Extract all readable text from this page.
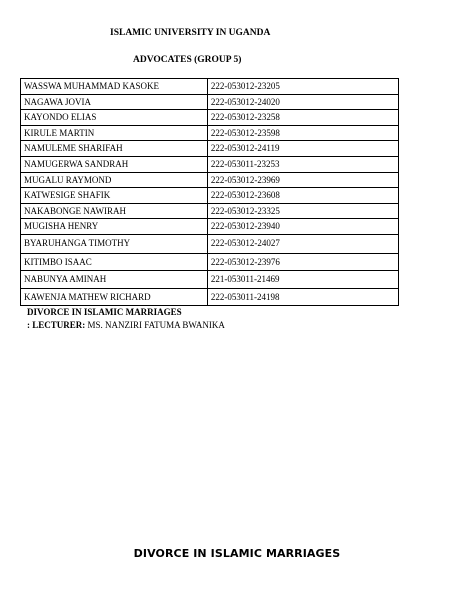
ISLAMIC UNIVERSITY IN UGANDA
ADVOCATES (GROUP 5)
WASSWA MUHAMMAD KASOKE	222-053012-23205
NAGAWA JOVIA	222-053012-24020
KAYONDO ELIAS	222-053012-23258
KIRULE MARTIN	222-053012-23598
NAMULEME SHARIFAH	222-053012-24119
NAMUGERWA SANDRAH	222-053011-23253
MUGALU RAYMOND	222-053012-23969
KATWESIGE SHAFIK	222-053012-23608
NAKABONGE NAWIRAH	222-053012-23325
MUGISHA HENRY	222-053012-23940
BYARUHANGA TIMOTHY	222-053012-24027
KITIMBO ISAAC	222-053012-23976
NABUNYA AMINAH	221-053011-21469
KAWENJA MATHEW RICHARD	222-053011-24198
DIVORCE IN ISLAMIC MARRIAGES
: LECTURER: MS. NANZIRI FATUMA BWANIKA
DIVORCE IN ISLAMIC MARRIAGES
